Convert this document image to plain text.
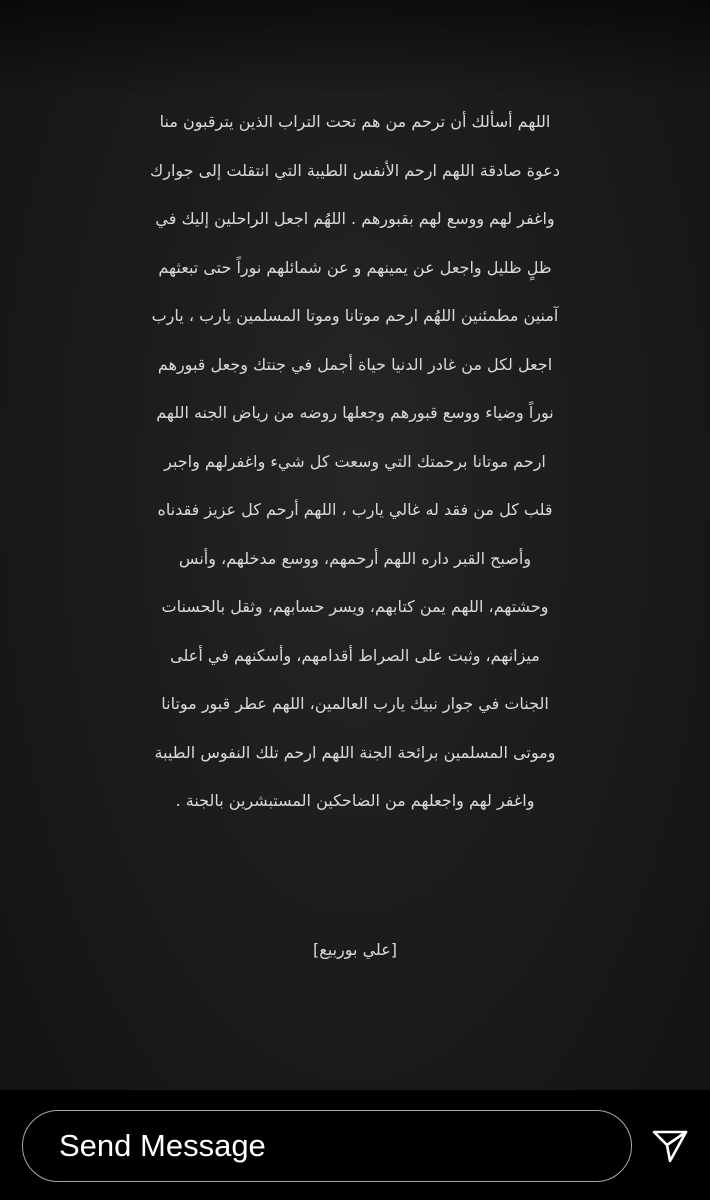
اللهم أسألك أن ترحم من هم تحت التراب الذين يترقبون منا
دعوة صادقة اللهم ارحم الأنفس الطيبة التي انتقلت إلى جوارك
واغفر لهم ووسع لهم بقبورهم . اللهُم اجعل الراحلين إليك في
ظلٍ ظليل واجعل عن يمينهم و عن شمائلهم نوراً حتى تبعثهم
آمنين مطمئنين اللهُم ارحم موتانا وموتا المسلمين يارب ، يارب
اجعل لكل من غادر الدنيا حياة أجمل في جنتك وجعل قبورهم
نوراً وضياء ووسع قبورهم وجعلها روضه من رياض الجنه اللهم
ارحم موتانا برحمتك التي وسعت كل شيء واغفرلهم واجبر
قلب كل من فقد له غالي يارب ، اللهم أرحم كل عزيز فقدناه
وأصبح القبر داره اللهم أرحمهم، ووسع مدخلهم، وأنس
وحشتهم، اللهم يمن كتابهم، ويسر حسابهم، وثقل بالحسنات
ميزانهم، وثبت على الصراط أقدامهم، وأسكنهم في أعلى
الجنات في جوار نبيك يارب العالمين، اللهم عطر قبور موتانا
وموتى المسلمين برائحة الجنة اللهم ارحم تلك النفوس الطيبة
واغفر لهم واجعلهم من الضاحكين المستبشرين بالجنة .
[علي بوربيع]
Send Message
